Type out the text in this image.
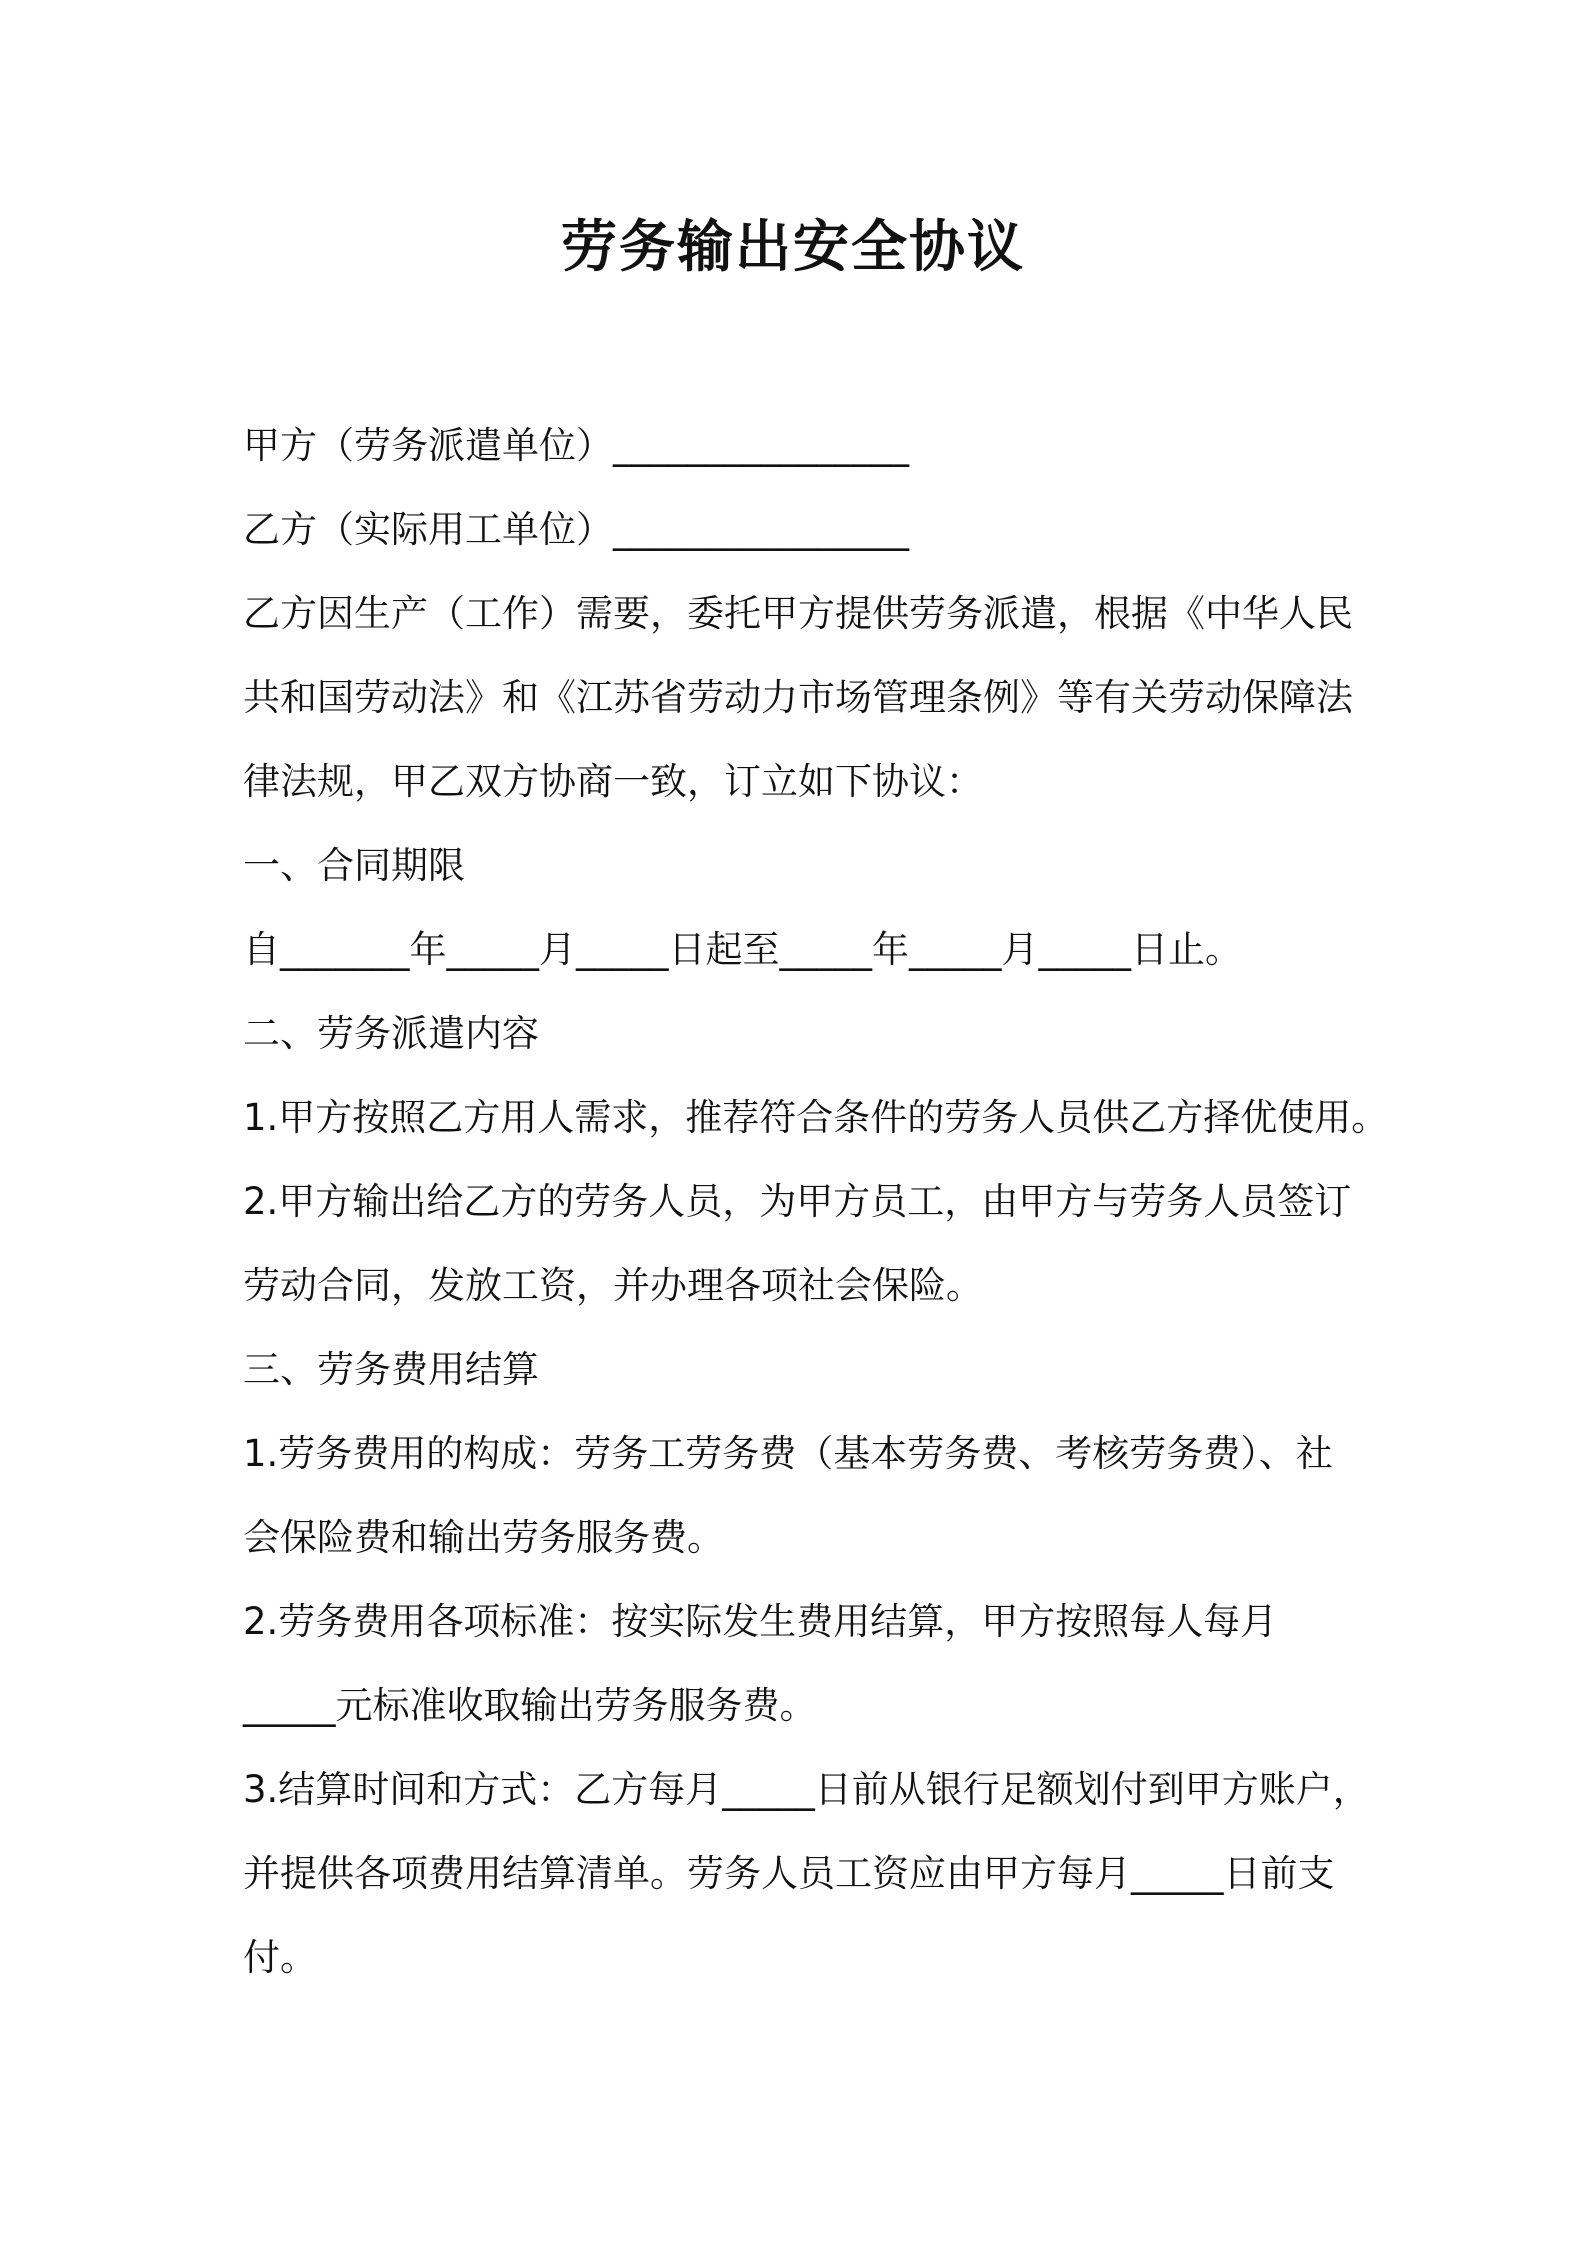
劳务输出安全协议

甲方（劳务派遣单位）________________

乙方（实际用工单位）________________

乙方因生产（工作）需要，委托甲方提供劳务派遣，根据《中华人民

共和国劳动法》和《江苏省劳动力市场管理条例》等有关劳动保障法

律法规，甲乙双方协商一致，订立如下协议：

一、合同期限

自_______年_____月_____日起至_____年_____月_____日止。

二、劳务派遣内容

1.甲方按照乙方用人需求，推荐符合条件的劳务人员供乙方择优使用。

2.甲方输出给乙方的劳务人员，为甲方员工，由甲方与劳务人员签订

劳动合同，发放工资，并办理各项社会保险。

三、劳务费用结算

1.劳务费用的构成：劳务工劳务费（基本劳务费、考核劳务费）、社

会保险费和输出劳务服务费。

2.劳务费用各项标准：按实际发生费用结算，甲方按照每人每月

_____元标准收取输出劳务服务费。

3.结算时间和方式：乙方每月_____日前从银行足额划付到甲方账户，

并提供各项费用结算清单。劳务人员工资应由甲方每月_____日前支

付。
